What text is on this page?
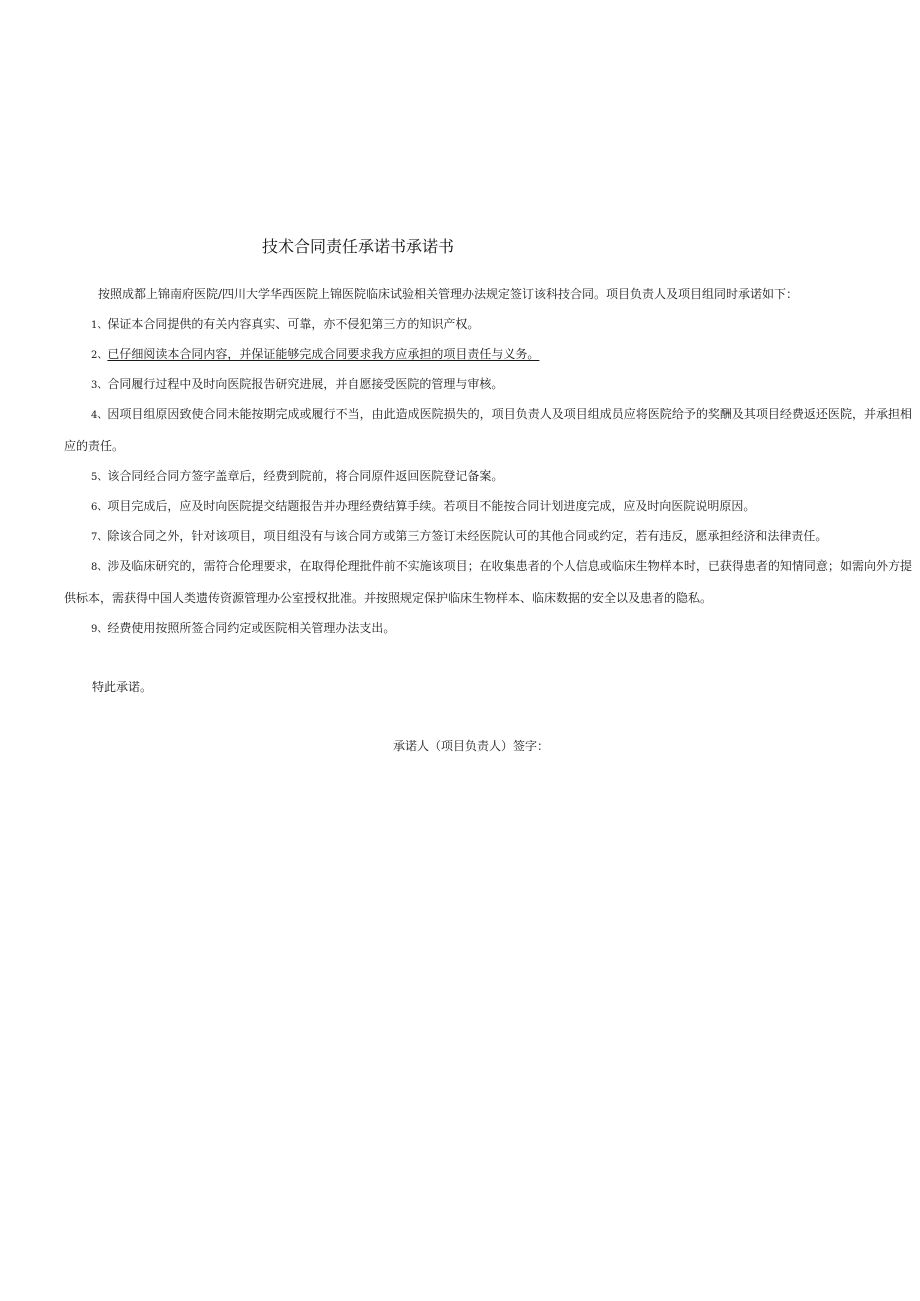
技术合同责任承诺书承诺书
按照成都上锦南府医院/四川大学华西医院上锦医院临床试验相关管理办法规定签订该科技合同。项目负责人及项目组同时承诺如下：
1、保证本合同提供的有关内容真实、可靠，亦不侵犯第三方的知识产权。
2、已仔细阅读本合同内容，并保证能够完成合同要求我方应承担的项目责任与义务。
3、合同履行过程中及时向医院报告研究进展，并自愿接受医院的管理与审核。
4、因项目组原因致使合同未能按期完成或履行不当，由此造成医院损失的，项目负责人及项目组成员应将医院给予的奖酬及其项目经费返还医院，并承担相应的责任。
5、该合同经合同方签字盖章后，经费到院前，将合同原件返回医院登记备案。
6、项目完成后，应及时向医院提交结题报告并办理经费结算手续。若项目不能按合同计划进度完成，应及时向医院说明原因。
7、除该合同之外，针对该项目，项目组没有与该合同方或第三方签订未经医院认可的其他合同或约定，若有违反，愿承担经济和法律责任。
8、涉及临床研究的，需符合伦理要求，在取得伦理批件前不实施该项目；在收集患者的个人信息或临床生物样本时，已获得患者的知情同意；如需向外方提供标本，需获得中国人类遗传资源管理办公室授权批准。并按照规定保护临床生物样本、临床数据的安全以及患者的隐私。
9、经费使用按照所签合同约定或医院相关管理办法支出。
特此承诺。
承诺人（项目负责人）签字：
